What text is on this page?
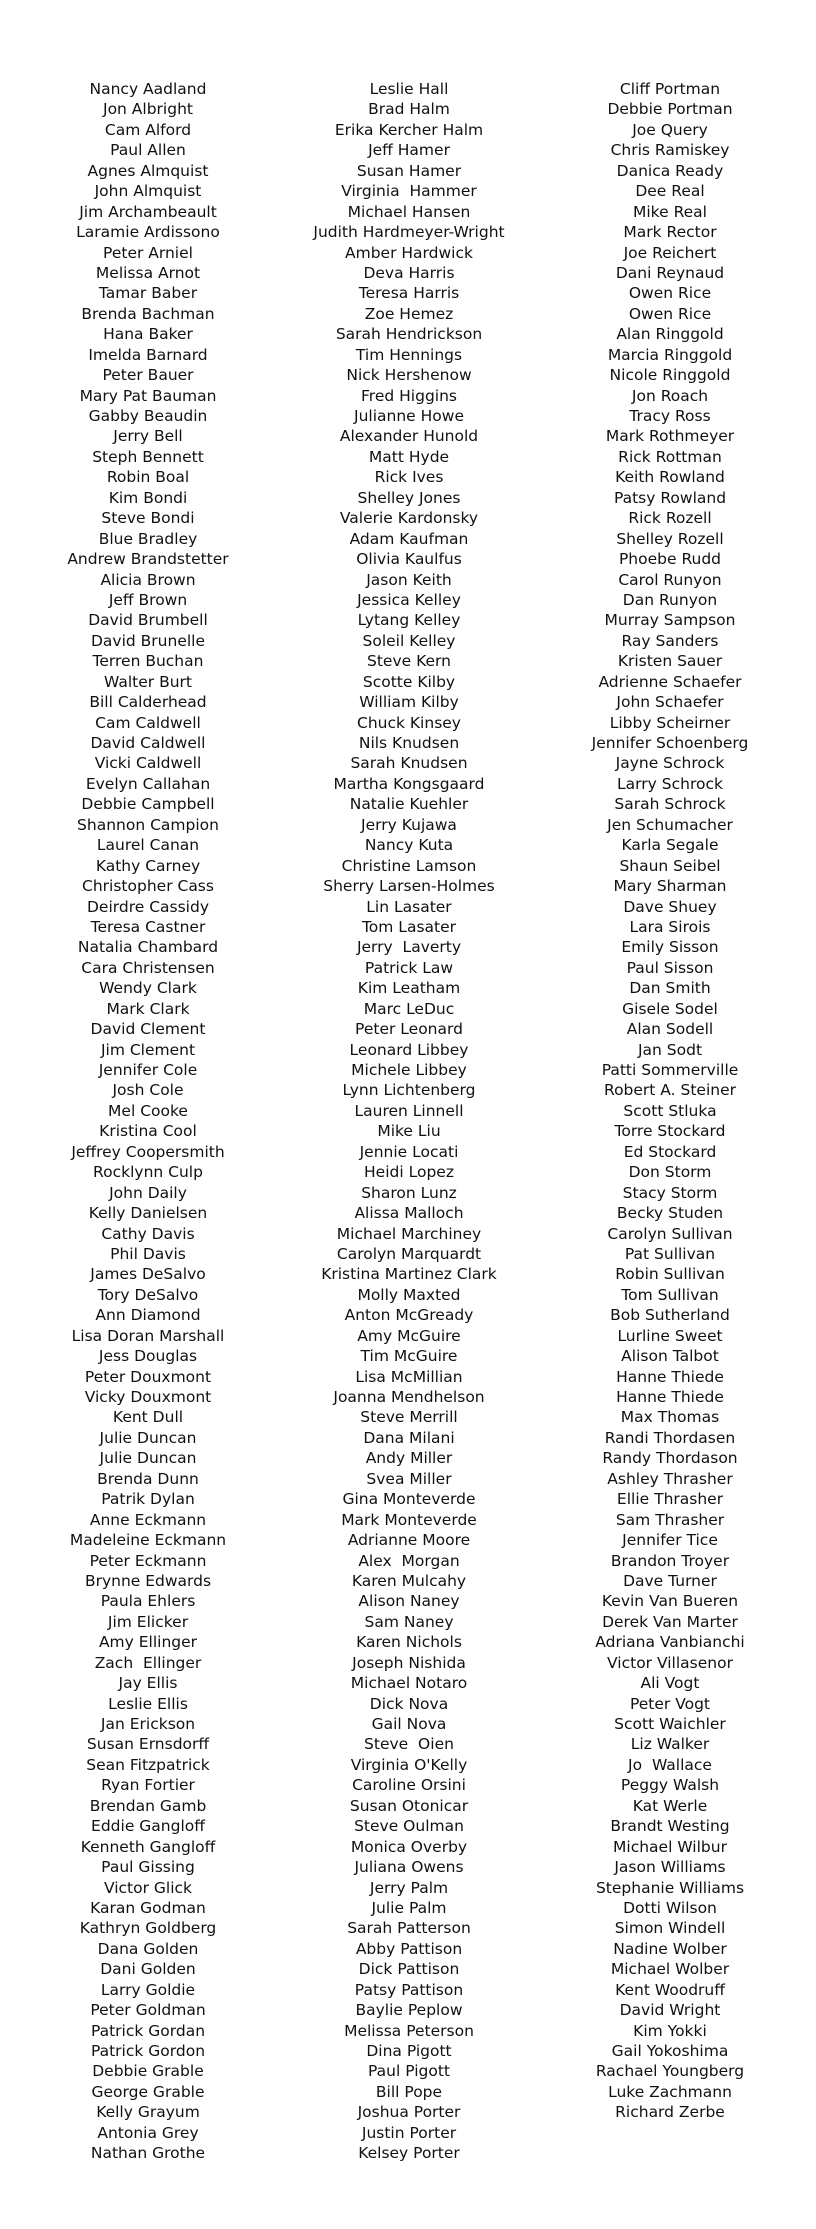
Nancy Aadland
Jon Albright
Cam Alford
Paul Allen
Agnes Almquist
John Almquist
Jim Archambeault
Laramie Ardissono
Peter Arniel
Melissa Arnot
Tamar Baber
Brenda Bachman
Hana Baker
Imelda Barnard
Peter Bauer
Mary Pat Bauman
Gabby Beaudin
Jerry Bell
Steph Bennett
Robin Boal
Kim Bondi
Steve Bondi
Blue Bradley
Andrew Brandstetter
Alicia Brown
Jeff Brown
David Brumbell
David Brunelle
Terren Buchan
Walter Burt
Bill Calderhead
Cam Caldwell
David Caldwell
Vicki Caldwell
Evelyn Callahan
Debbie Campbell
Shannon Campion
Laurel Canan
Kathy Carney
Christopher Cass
Deirdre Cassidy
Teresa Castner
Natalia Chambard
Cara Christensen
Wendy Clark
Mark Clark
David Clement
Jim Clement
Jennifer Cole
Josh Cole
Mel Cooke
Kristina Cool
Jeffrey Coopersmith
Rocklynn Culp
John Daily
Kelly Danielsen
Cathy Davis
Phil Davis
James DeSalvo
Tory DeSalvo
Ann Diamond
Lisa Doran Marshall
Jess Douglas
Peter Douxmont
Vicky Douxmont
Kent Dull
Julie Duncan
Julie Duncan
Brenda Dunn
Patrik Dylan
Anne Eckmann
Madeleine Eckmann
Peter Eckmann
Brynne Edwards
Paula Ehlers
Jim Elicker
Amy Ellinger
Zach  Ellinger
Jay Ellis
Leslie Ellis
Jan Erickson
Susan Ernsdorff
Sean Fitzpatrick
Ryan Fortier
Brendan Gamb
Eddie Gangloff
Kenneth Gangloff
Paul Gissing
Victor Glick
Karan Godman
Kathryn Goldberg
Dana Golden
Dani Golden
Larry Goldie
Peter Goldman
Patrick Gordan
Patrick Gordon
Debbie Grable
George Grable
Kelly Grayum
Antonia Grey
Nathan Grothe
Leslie Hall
Brad Halm
Erika Kercher Halm
Jeff Hamer
Susan Hamer
Virginia  Hammer
Michael Hansen
Judith Hardmeyer-Wright
Amber Hardwick
Deva Harris
Teresa Harris
Zoe Hemez
Sarah Hendrickson
Tim Hennings
Nick Hershenow
Fred Higgins
Julianne Howe
Alexander Hunold
Matt Hyde
Rick Ives
Shelley Jones
Valerie Kardonsky
Adam Kaufman
Olivia Kaulfus
Jason Keith
Jessica Kelley
Lytang Kelley
Soleil Kelley
Steve Kern
Scotte Kilby
William Kilby
Chuck Kinsey
Nils Knudsen
Sarah Knudsen
Martha Kongsgaard
Natalie Kuehler
Jerry Kujawa
Nancy Kuta
Christine Lamson
Sherry Larsen-Holmes
Lin Lasater
Tom Lasater
Jerry  Laverty
Patrick Law
Kim Leatham
Marc LeDuc
Peter Leonard
Leonard Libbey
Michele Libbey
Lynn Lichtenberg
Lauren Linnell
Mike Liu
Jennie Locati
Heidi Lopez
Sharon Lunz
Alissa Malloch
Michael Marchiney
Carolyn Marquardt
Kristina Martinez Clark
Molly Maxted
Anton McGready
Amy McGuire
Tim McGuire
Lisa McMillian
Joanna Mendhelson
Steve Merrill
Dana Milani
Andy Miller
Svea Miller
Gina Monteverde
Mark Monteverde
Adrianne Moore
Alex  Morgan
Karen Mulcahy
Alison Naney
Sam Naney
Karen Nichols
Joseph Nishida
Michael Notaro
Dick Nova
Gail Nova
Steve  Oien
Virginia O'Kelly
Caroline Orsini
Susan Otonicar
Steve Oulman
Monica Overby
Juliana Owens
Jerry Palm
Julie Palm
Sarah Patterson
Abby Pattison
Dick Pattison
Patsy Pattison
Baylie Peplow
Melissa Peterson
Dina Pigott
Paul Pigott
Bill Pope
Joshua Porter
Justin Porter
Kelsey Porter
Cliff Portman
Debbie Portman
Joe Query
Chris Ramiskey
Danica Ready
Dee Real
Mike Real
Mark Rector
Joe Reichert
Dani Reynaud
Owen Rice
Owen Rice
Alan Ringgold
Marcia Ringgold
Nicole Ringgold
Jon Roach
Tracy Ross
Mark Rothmeyer
Rick Rottman
Keith Rowland
Patsy Rowland
Rick Rozell
Shelley Rozell
Phoebe Rudd
Carol Runyon
Dan Runyon
Murray Sampson
Ray Sanders
Kristen Sauer
Adrienne Schaefer
John Schaefer
Libby Scheirner
Jennifer Schoenberg
Jayne Schrock
Larry Schrock
Sarah Schrock
Jen Schumacher
Karla Segale
Shaun Seibel
Mary Sharman
Dave Shuey
Lara Sirois
Emily Sisson
Paul Sisson
Dan Smith
Gisele Sodel
Alan Sodell
Jan Sodt
Patti Sommerville
Robert A. Steiner
Scott Stluka
Torre Stockard
Ed Stockard
Don Storm
Stacy Storm
Becky Studen
Carolyn Sullivan
Pat Sullivan
Robin Sullivan
Tom Sullivan
Bob Sutherland
Lurline Sweet
Alison Talbot
Hanne Thiede
Hanne Thiede
Max Thomas
Randi Thordasen
Randy Thordason
Ashley Thrasher
Ellie Thrasher
Sam Thrasher
Jennifer Tice
Brandon Troyer
Dave Turner
Kevin Van Bueren
Derek Van Marter
Adriana Vanbianchi
Victor Villasenor
Ali Vogt
Peter Vogt
Scott Waichler
Liz Walker
Jo  Wallace
Peggy Walsh
Kat Werle
Brandt Westing
Michael Wilbur
Jason Williams
Stephanie Williams
Dotti Wilson
Simon Windell
Nadine Wolber
Michael Wolber
Kent Woodruff
David Wright
Kim Yokki
Gail Yokoshima
Rachael Youngberg
Luke Zachmann
Richard Zerbe
